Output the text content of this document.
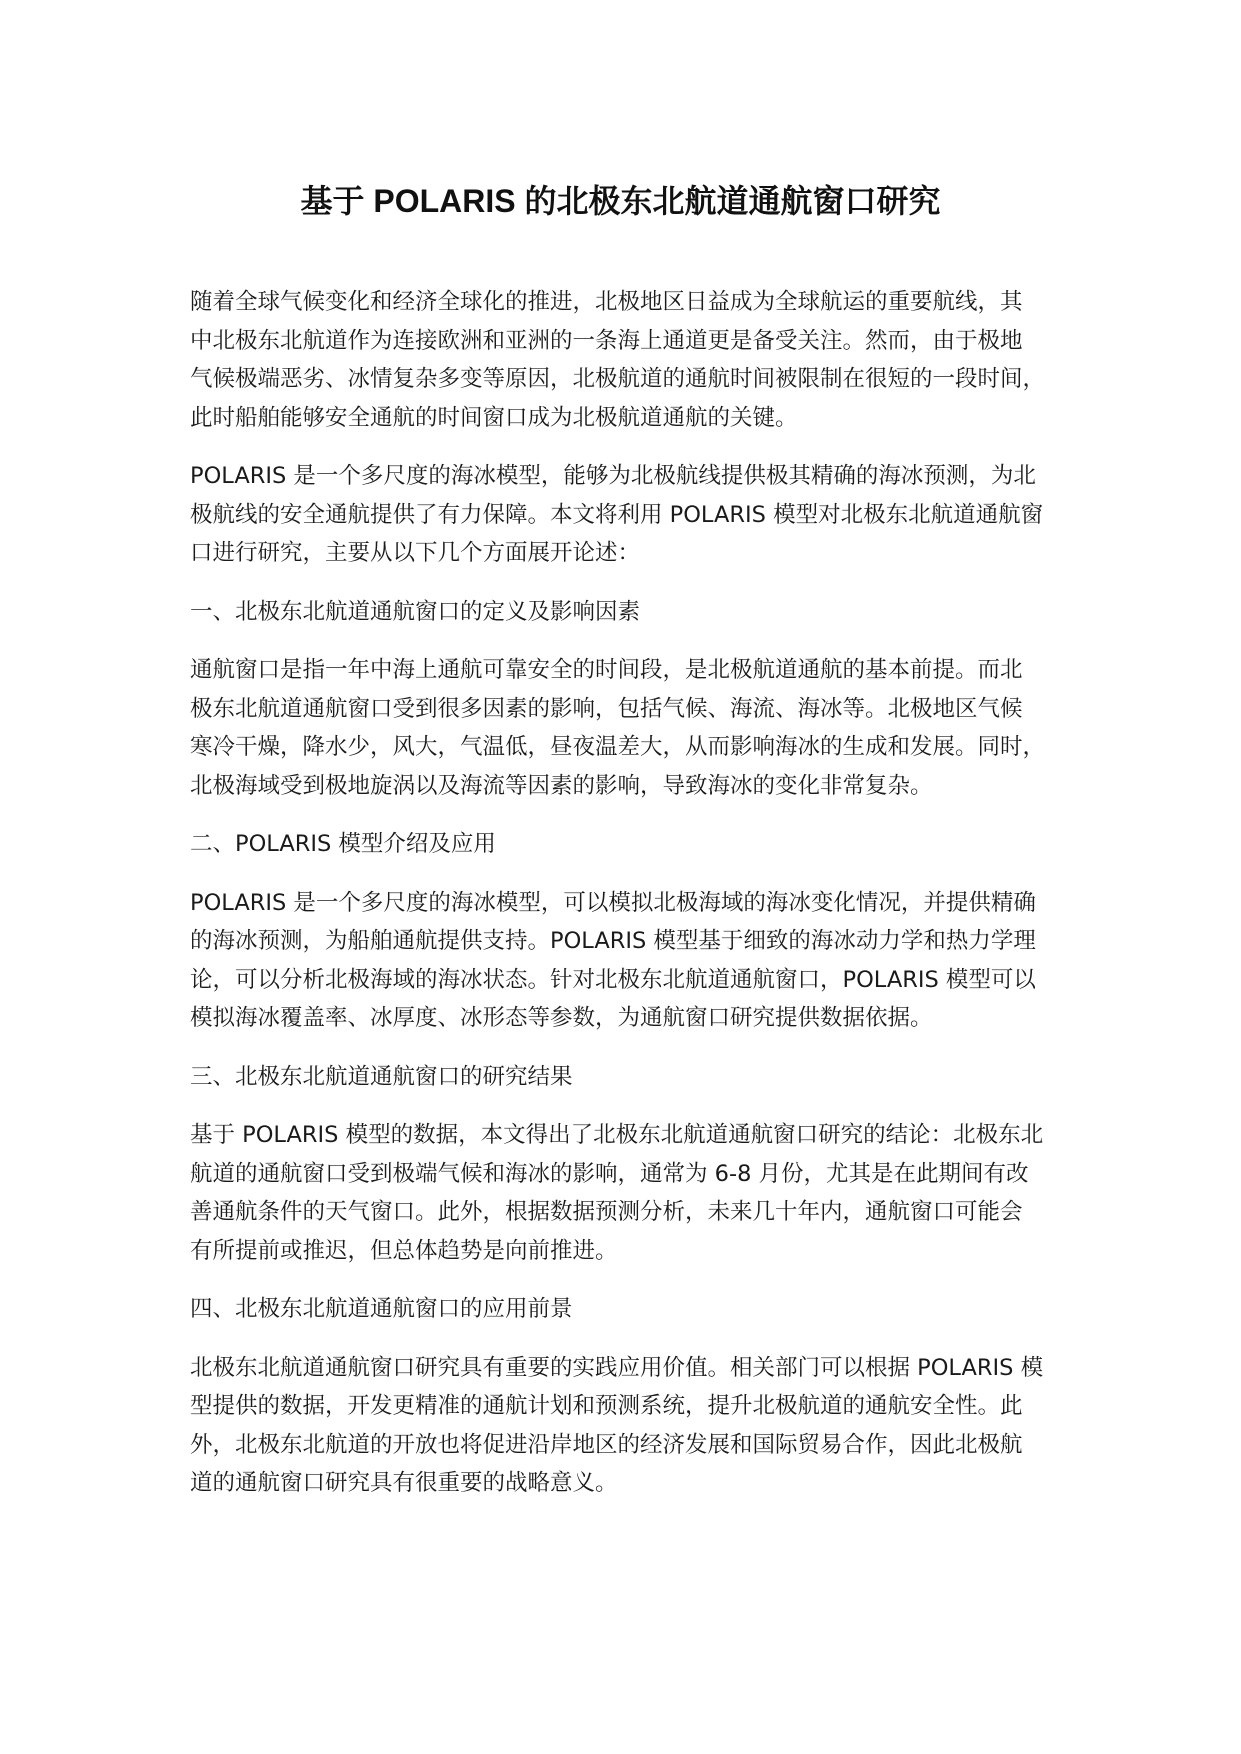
基于 POLARIS 的北极东北航道通航窗口研究

随着全球气候变化和经济全球化的推进，北极地区日益成为全球航运的重要航线，其
中北极东北航道作为连接欧洲和亚洲的一条海上通道更是备受关注。然而，由于极地
气候极端恶劣、冰情复杂多变等原因，北极航道的通航时间被限制在很短的一段时间，
此时船舶能够安全通航的时间窗口成为北极航道通航的关键。

POLARIS 是一个多尺度的海冰模型，能够为北极航线提供极其精确的海冰预测，为北
极航线的安全通航提供了有力保障。本文将利用 POLARIS 模型对北极东北航道通航窗
口进行研究，主要从以下几个方面展开论述：

一、北极东北航道通航窗口的定义及影响因素

通航窗口是指一年中海上通航可靠安全的时间段，是北极航道通航的基本前提。而北
极东北航道通航窗口受到很多因素的影响，包括气候、海流、海冰等。北极地区气候
寒冷干燥，降水少，风大，气温低，昼夜温差大，从而影响海冰的生成和发展。同时，
北极海域受到极地旋涡以及海流等因素的影响，导致海冰的变化非常复杂。

二、POLARIS 模型介绍及应用

POLARIS 是一个多尺度的海冰模型，可以模拟北极海域的海冰变化情况，并提供精确
的海冰预测，为船舶通航提供支持。POLARIS 模型基于细致的海冰动力学和热力学理
论，可以分析北极海域的海冰状态。针对北极东北航道通航窗口，POLARIS 模型可以
模拟海冰覆盖率、冰厚度、冰形态等参数，为通航窗口研究提供数据依据。

三、北极东北航道通航窗口的研究结果

基于 POLARIS 模型的数据，本文得出了北极东北航道通航窗口研究的结论：北极东北
航道的通航窗口受到极端气候和海冰的影响，通常为 6-8 月份，尤其是在此期间有改
善通航条件的天气窗口。此外，根据数据预测分析，未来几十年内，通航窗口可能会
有所提前或推迟，但总体趋势是向前推进。

四、北极东北航道通航窗口的应用前景

北极东北航道通航窗口研究具有重要的实践应用价值。相关部门可以根据 POLARIS 模
型提供的数据，开发更精准的通航计划和预测系统，提升北极航道的通航安全性。此
外，北极东北航道的开放也将促进沿岸地区的经济发展和国际贸易合作，因此北极航
道的通航窗口研究具有很重要的战略意义。
